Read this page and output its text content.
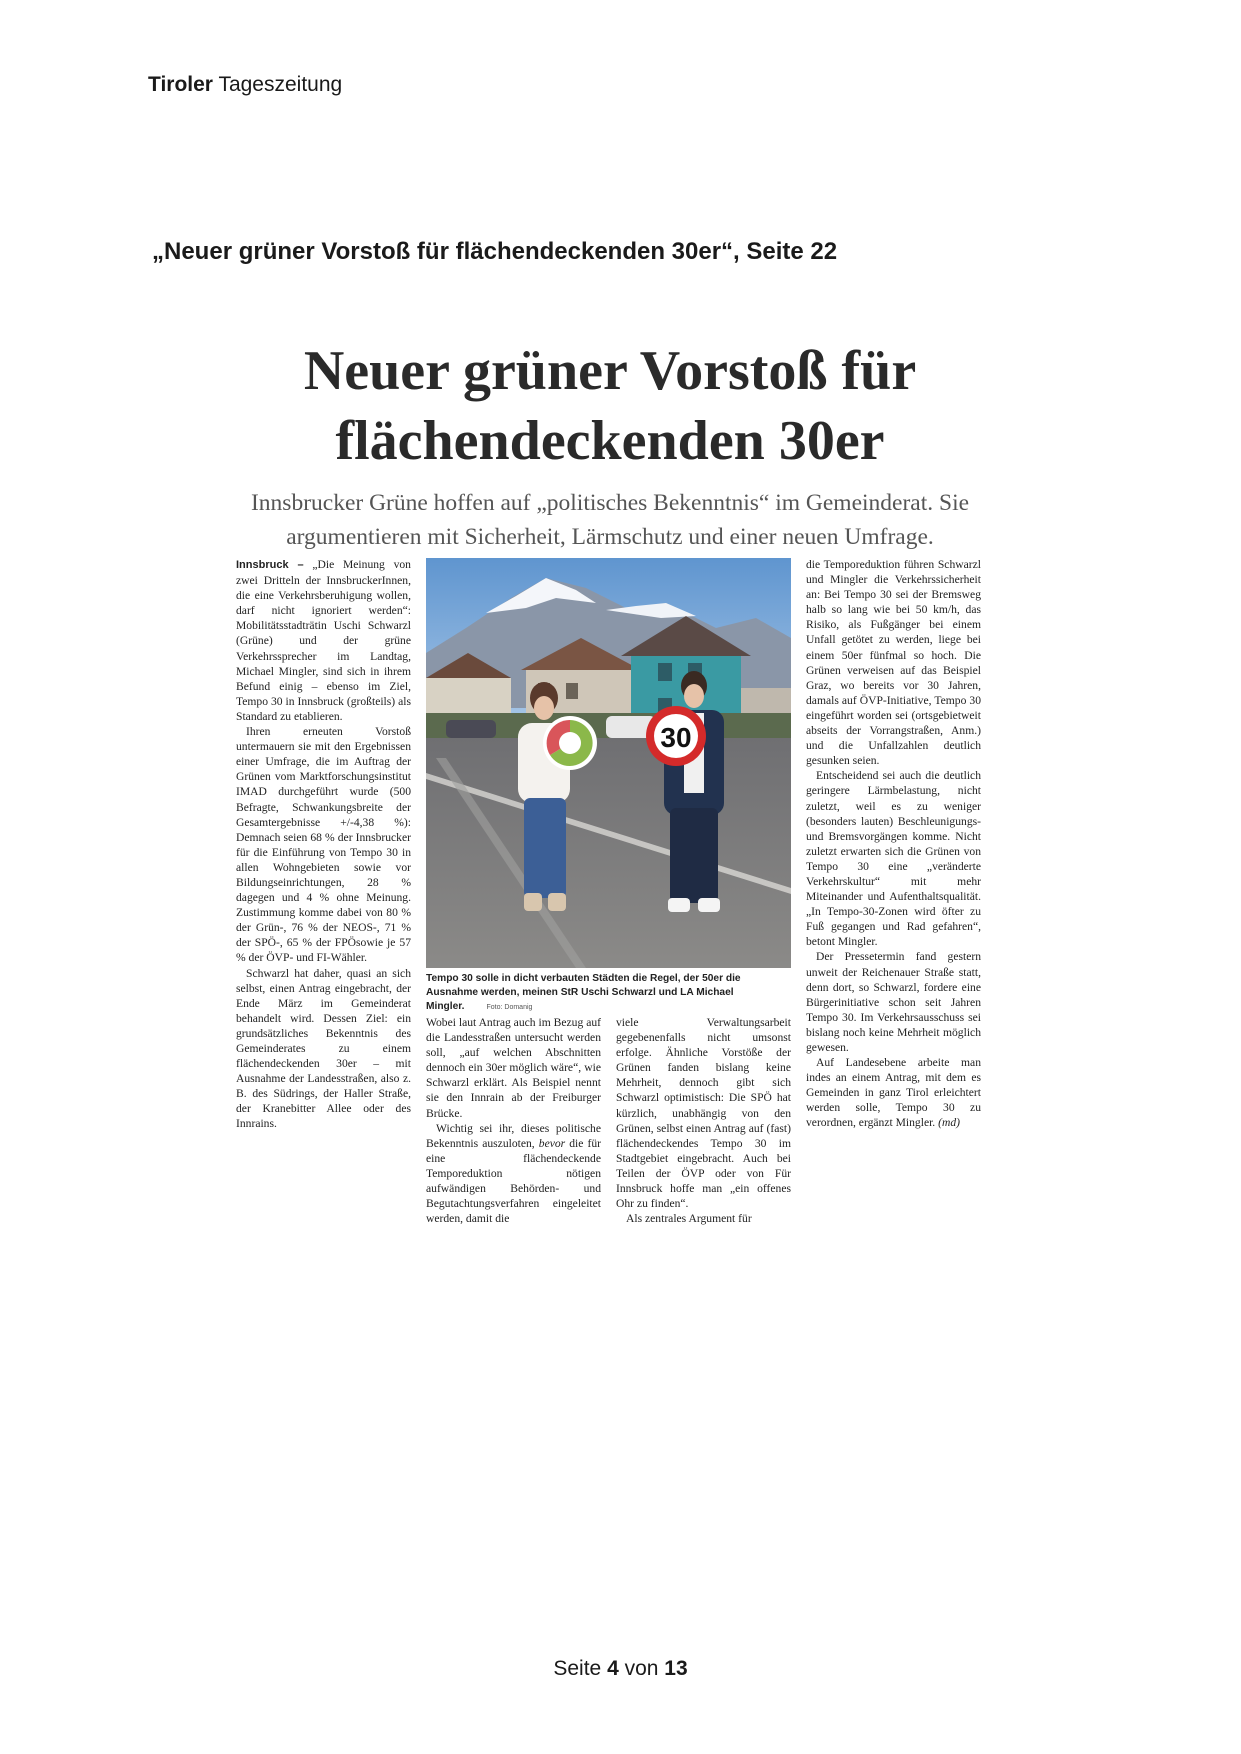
Tiroler Tageszeitung
„Neuer grüner Vorstoß für flächendeckenden 30er“, Seite 22
Neuer grüner Vorstoß für flächendeckenden 30er
Innsbrucker Grüne hoffen auf „politisches Bekenntnis“ im Gemeinderat. Sie argumentieren mit Sicherheit, Lärmschutz und einer neuen Umfrage.

Innsbruck – „Die Meinung von zwei Dritteln der InnsbruckerInnen, die eine Verkehrsberuhigung wollen, darf nicht ignoriert werden“: Mobilitätsstadträtin Uschi Schwarzl (Grüne) und der grüne Verkehrssprecher im Landtag, Michael Mingler, sind sich in ihrem Befund einig – ebenso im Ziel, Tempo 30 in Innsbruck (großteils) als Standard zu etablieren.

Ihren erneuten Vorstoß untermauern sie mit den Ergebnissen einer Umfrage, die im Auftrag der Grünen vom Marktforschungsinstitut IMAD durchgeführt wurde (500 Befragte, Schwankungsbreite der Gesamtergebnisse +/-4,38 %): Demnach seien 68 % der Innsbrucker für die Einführung von Tempo 30 in allen Wohngebieten sowie vor Bildungseinrichtungen, 28 % dagegen und 4 % ohne Meinung. Zustimmung komme dabei von 80 % der Grün-, 76 % der NEOS-, 71 % der SPÖ-, 65 % der FPÖsowie je 57 % der ÖVP- und FI-Wähler.

Schwarzl hat daher, quasi an sich selbst, einen Antrag eingebracht, der Ende März im Gemeinderat behandelt wird. Dessen Ziel: ein grundsätzliches Bekenntnis des Gemeinderates zu einem flächendeckenden 30er – mit Ausnahme der Landesstraßen, also z. B. des Südrings, der Haller Straße, der Kranebitter Allee oder des Innrains.

30
Tempo 30 solle in dicht verbauten Städten die Regel, der 50er die Ausnahme werden, meinen StR Uschi Schwarzl und LA Michael Mingler.	Foto: Domanig

Wobei laut Antrag auch im Bezug auf die Landesstraßen untersucht werden soll, „auf welchen Abschnitten dennoch ein 30er möglich wäre“, wie Schwarzl erklärt. Als Beispiel nennt sie den Innrain ab der Freiburger Brücke.

Wichtig sei ihr, dieses politische Bekenntnis auszuloten, bevor die für eine flächendeckende Temporeduktion nötigen aufwändigen Behörden- und Begutachtungsverfahren eingeleitet werden, damit die

viele Verwaltungsarbeit gegebenenfalls nicht umsonst erfolge. Ähnliche Vorstöße der Grünen fanden bislang keine Mehrheit, dennoch gibt sich Schwarzl optimistisch: Die SPÖ hat kürzlich, unabhängig von den Grünen, selbst einen Antrag auf (fast) flächendeckendes Tempo 30 im Stadtgebiet eingebracht. Auch bei Teilen der ÖVP oder von Für Innsbruck hoffe man „ein offenes Ohr zu finden“.

Als zentrales Argument für

die Temporeduktion führen Schwarzl und Mingler die Verkehrssicherheit an: Bei Tempo 30 sei der Bremsweg halb so lang wie bei 50 km/h, das Risiko, als Fußgänger bei einem Unfall getötet zu werden, liege bei einem 50er fünfmal so hoch. Die Grünen verweisen auf das Beispiel Graz, wo bereits vor 30 Jahren, damals auf ÖVP-Initiative, Tempo 30 eingeführt worden sei (ortsgebietweit abseits der Vorrangstraßen, Anm.) und die Unfallzahlen deutlich gesunken seien.

Entscheidend sei auch die deutlich geringere Lärmbelastung, nicht zuletzt, weil es zu weniger (besonders lauten) Beschleunigungs- und Bremsvorgängen komme. Nicht zuletzt erwarten sich die Grünen von Tempo 30 eine „veränderte Verkehrskultur“ mit mehr Miteinander und Aufenthaltsqualität. „In Tempo-30-Zonen wird öfter zu Fuß gegangen und Rad gefahren“, betont Mingler.

Der Pressetermin fand gestern unweit der Reichenauer Straße statt, denn dort, so Schwarzl, fordere eine Bürgerinitiative schon seit Jahren Tempo 30. Im Verkehrsausschuss sei bislang noch keine Mehrheit möglich gewesen.

Auf Landesebene arbeite man indes an einem Antrag, mit dem es Gemeinden in ganz Tirol erleichtert werden solle, Tempo 30 zu verordnen, ergänzt Mingler. (md)

Seite 4 von 13
